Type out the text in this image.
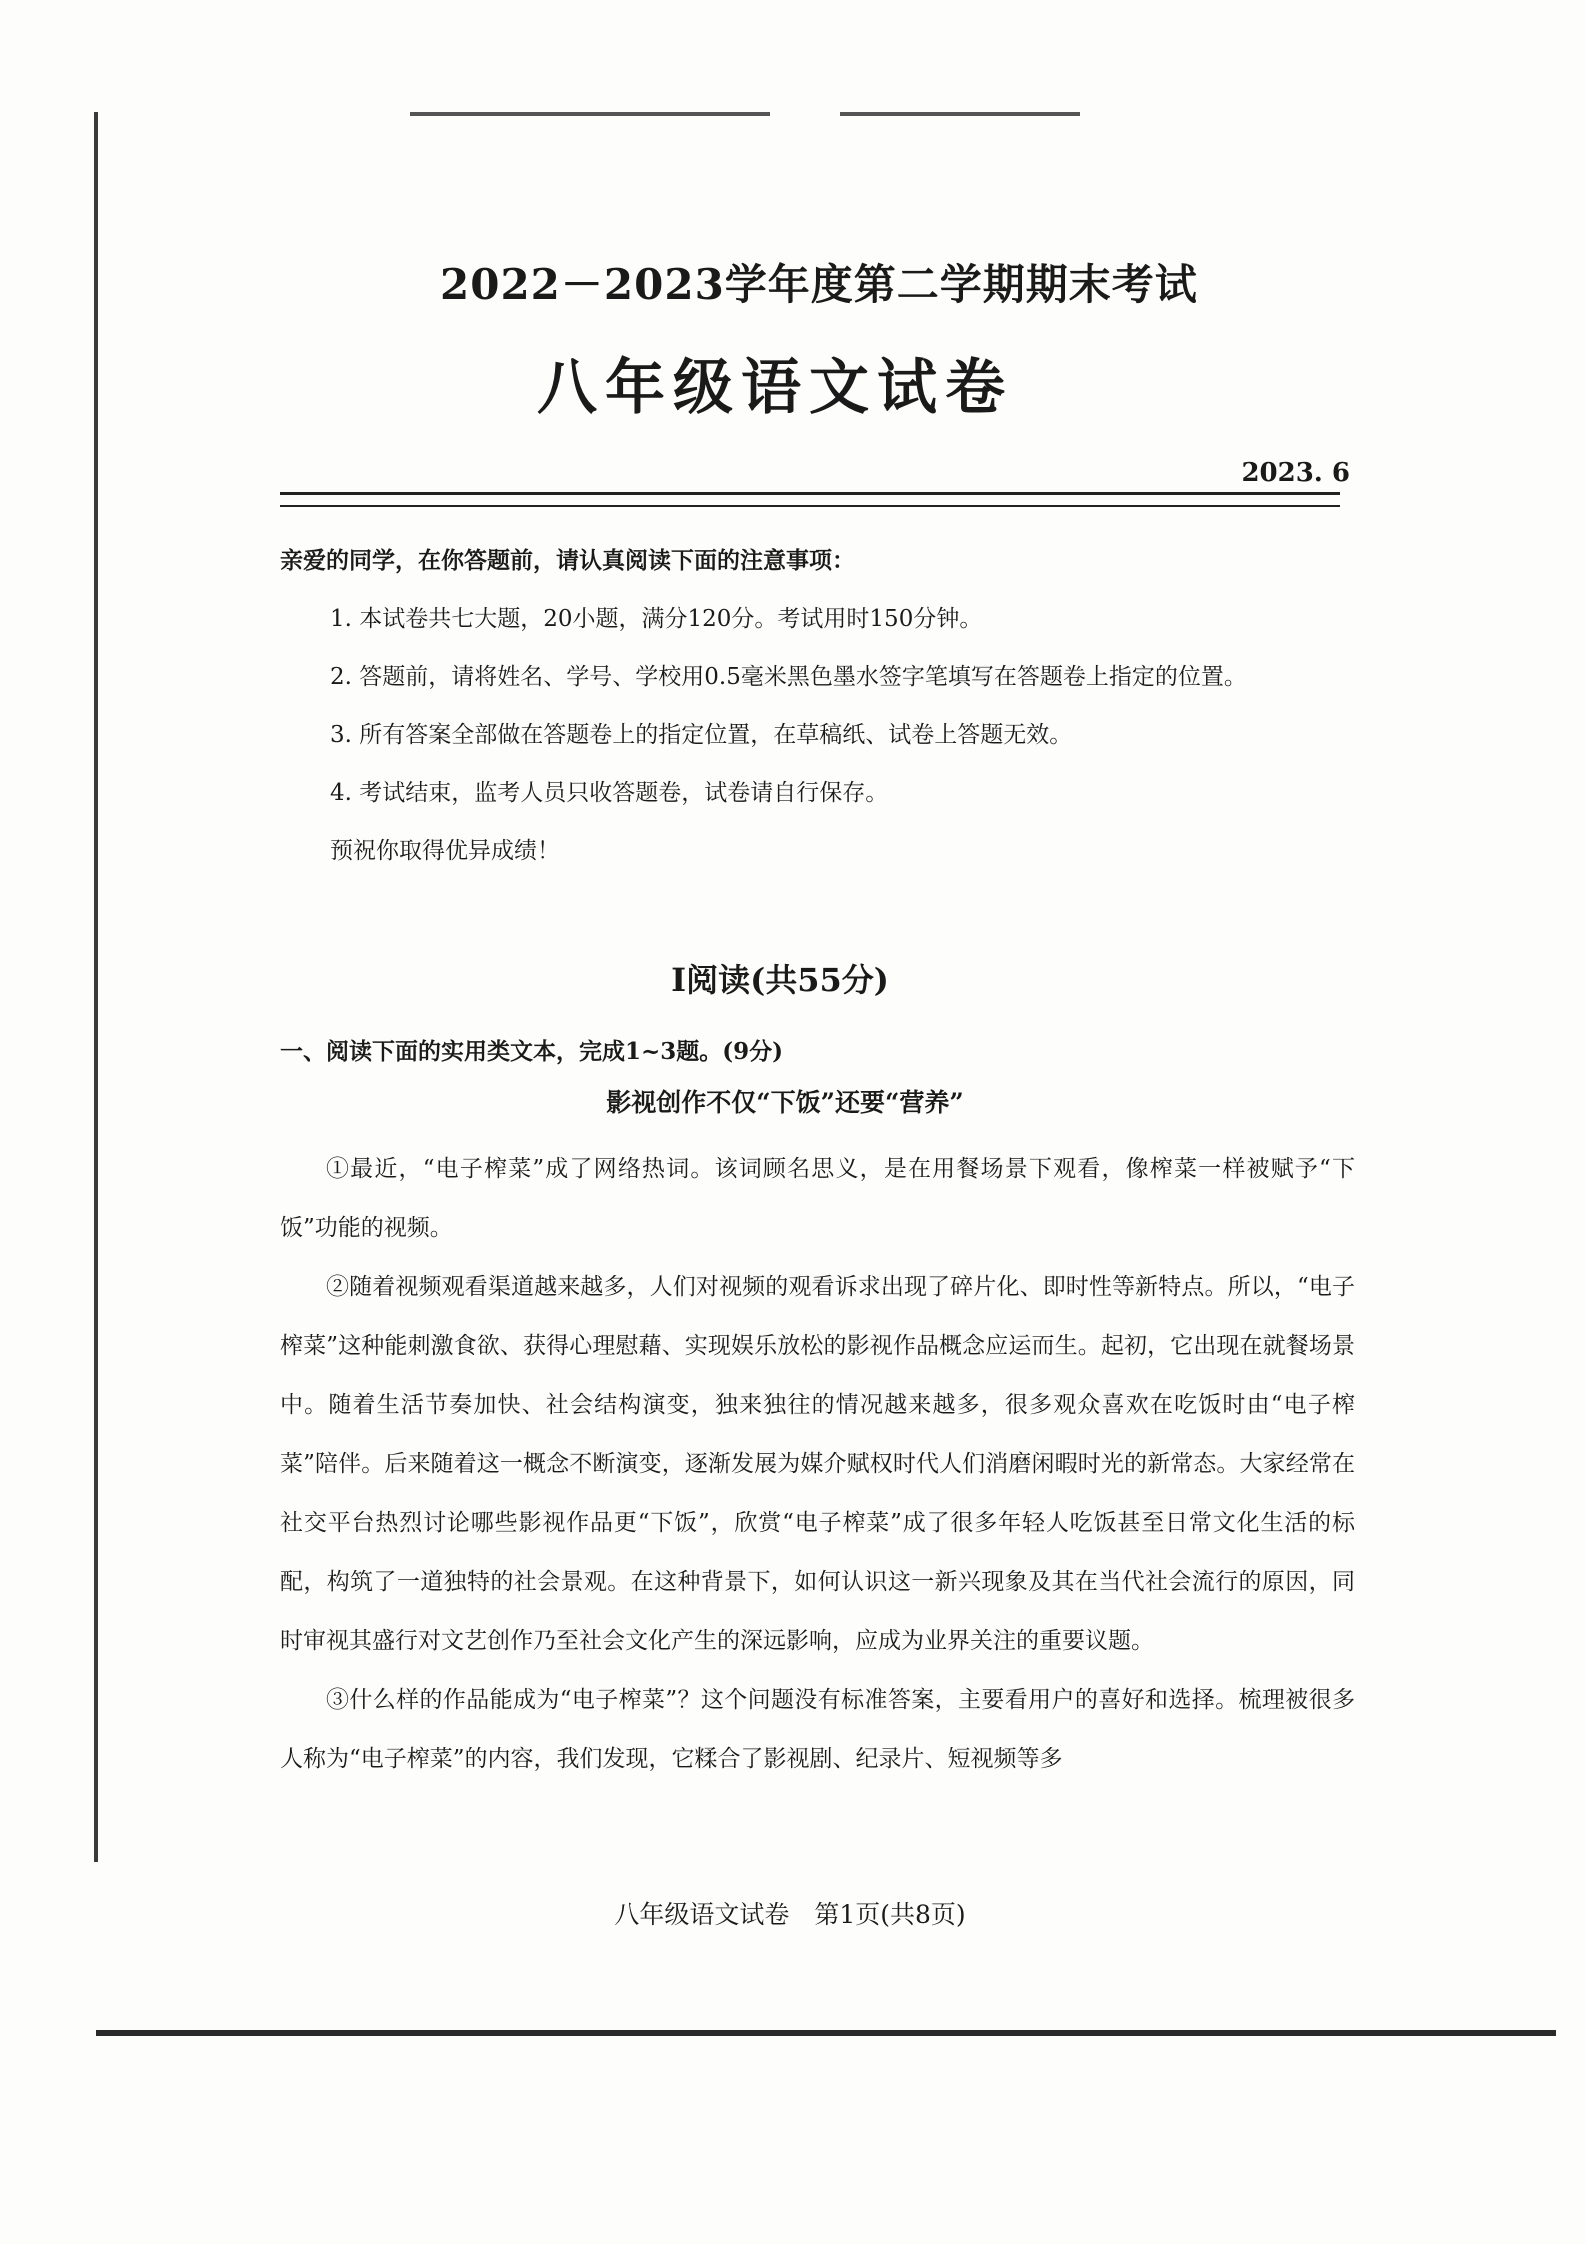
2022－2023学年度第二学期期末考试
八年级语文试卷
2023. 6
亲爱的同学，在你答题前，请认真阅读下面的注意事项：
1. 本试卷共七大题，20小题，满分120分。考试用时150分钟。
2. 答题前，请将姓名、学号、学校用0.5毫米黑色墨水签字笔填写在答题卷上指定的位置。
3. 所有答案全部做在答题卷上的指定位置，在草稿纸、试卷上答题无效。
4. 考试结束，监考人员只收答题卷，试卷请自行保存。
预祝你取得优异成绩！
Ⅰ阅读(共55分)
一、阅读下面的实用类文本，完成1~3题。(9分)
影视创作不仅“下饭”还要“营养”

①最近，“电子榨菜”成了网络热词。该词顾名思义，是在用餐场景下观看，像榨菜一样被赋予“下饭”功能的视频。

②随着视频观看渠道越来越多，人们对视频的观看诉求出现了碎片化、即时性等新特点。所以，“电子榨菜”这种能刺激食欲、获得心理慰藉、实现娱乐放松的影视作品概念应运而生。起初，它出现在就餐场景中。随着生活节奏加快、社会结构演变，独来独往的情况越来越多，很多观众喜欢在吃饭时由“电子榨菜”陪伴。后来随着这一概念不断演变，逐渐发展为媒介赋权时代人们消磨闲暇时光的新常态。大家经常在社交平台热烈讨论哪些影视作品更“下饭”，欣赏“电子榨菜”成了很多年轻人吃饭甚至日常文化生活的标配，构筑了一道独特的社会景观。在这种背景下，如何认识这一新兴现象及其在当代社会流行的原因，同时审视其盛行对文艺创作乃至社会文化产生的深远影响，应成为业界关注的重要议题。

③什么样的作品能成为“电子榨菜”？这个问题没有标准答案，主要看用户的喜好和选择。梳理被很多人称为“电子榨菜”的内容，我们发现，它糅合了影视剧、纪录片、短视频等多

八年级语文试卷　第1页(共8页)
